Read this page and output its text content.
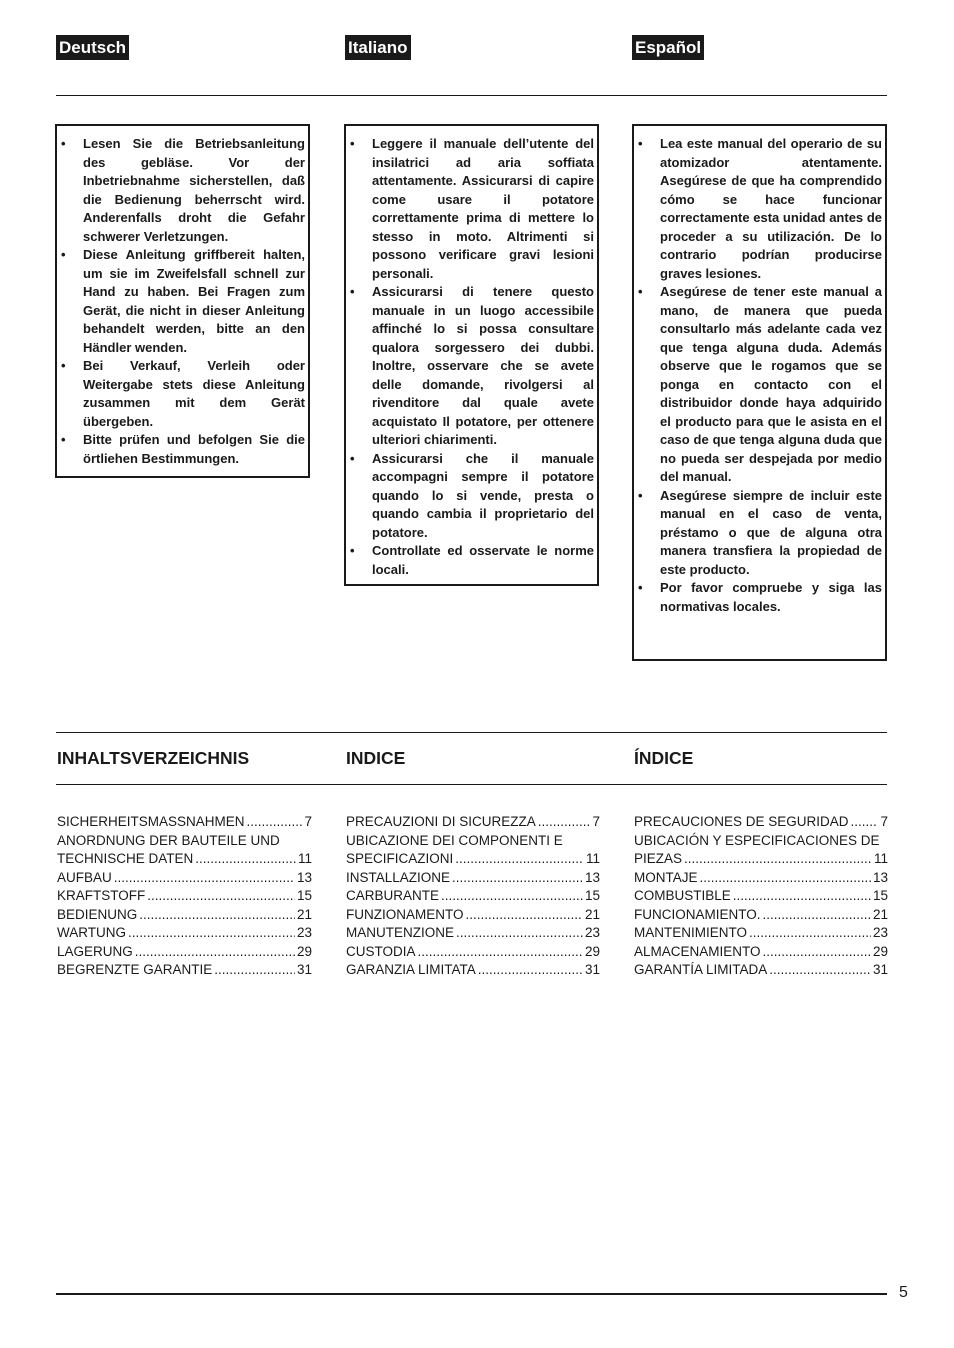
Deutsch	Italiano	Español
• Lesen Sie die Betriebsanleitung des gebläse. Vor der Inbetriebnahme sicherstellen, daß die Bedienung beherrscht wird. Anderenfalls droht die Gefahr schwerer Verletzungen.
• Diese Anleitung griffbereit halten, um sie im Zweifelsfall schnell zur Hand zu haben. Bei Fragen zum Gerät, die nicht in dieser Anleitung behandelt werden, bitte an den Händler wenden.
• Bei Verkauf, Verleih oder Weitergabe stets diese Anleitung zusammen mit dem Gerät übergeben.
• Bitte prüfen und befolgen Sie die örtliehen Bestimmungen.
• Leggere il manuale dell’utente del insilatrici ad aria soffiata attentamente. Assicurarsi di capire come usare il potatore correttamente prima di mettere lo stesso in moto. Altrimenti si possono verificare gravi lesioni personali.
• Assicurarsi di tenere questo manuale in un luogo accessibile affinché lo si possa consultare qualora sorgessero dei dubbi. Inoltre, osservare che se avete delle domande, rivolgersi al rivenditore dal quale avete acquistato Il potatore, per ottenere ulteriori chiarimenti.
• Assicurarsi che il manuale accompagni sempre il potatore quando lo si vende, presta o quando cambia il proprietario del potatore.
• Controllate ed osservate le norme locali.
• Lea este manual del operario de su atomizador atentamente. Asegúrese de que ha comprendido cómo se hace funcionar correctamente esta unidad antes de proceder a su utilización. De lo contrario podrían producirse graves lesiones.
• Asegúrese de tener este manual a mano, de manera que pueda consultarlo más adelante cada vez que tenga alguna duda. Además observe que le rogamos que se ponga en contacto con el distribuidor donde haya adquirido el producto para que le asista en el caso de que tenga alguna duda que no pueda ser despejada por medio del manual.
• Asegúrese siempre de incluir este manual en el caso de venta, préstamo o que de alguna otra manera transfiera la propiedad de este producto.
• Por favor compruebe y siga las normativas locales.
INHALTSVERZEICHNIS	INDICE	ÍNDICE
SICHERHEITSMASSNAHMEN .....	7
ANORDNUNG DER BAUTEILE UND
TECHNISCHE DATEN .....	11
AUFBAU .....	13
KRAFTSTOFF .....	15
BEDIENUNG .....	21
WARTUNG .....	23
LAGERUNG .....	29
BEGRENZTE GARANTIE .....	31
PRECAUZIONI DI SICUREZZA .....	7
UBICAZIONE DEI COMPONENTI E
SPECIFICAZIONI .....	11
INSTALLAZIONE .....	13
CARBURANTE .....	15
FUNZIONAMENTO .....	21
MANUTENZIONE .....	23
CUSTODIA .....	29
GARANZIA LIMITATA .....	31
PRECAUCIONES DE SEGURIDAD ..... 7
UBICACIÓN Y ESPECIFICACIONES DE
PIEZAS .....	11
MONTAJE .....	13
COMBUSTIBLE .....	15
FUNCIONAMIENTO. .....	21
MANTENIMIENTO .....	23
ALMACENAMIENTO .....	29
GARANTÍA LIMITADA .....	31
5
